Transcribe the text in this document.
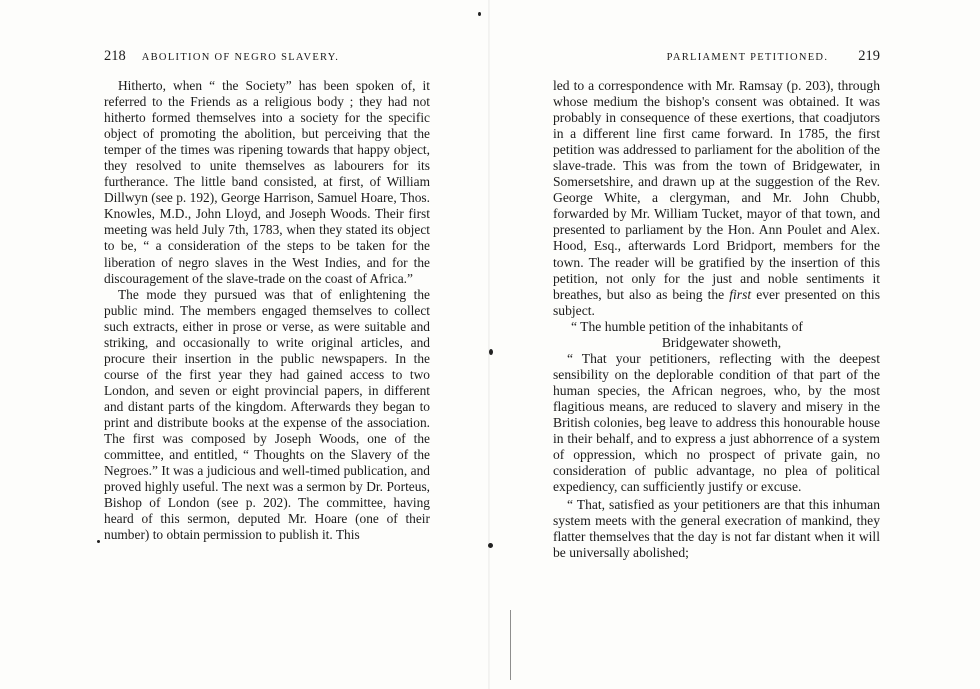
218 ABOLITION OF NEGRO SLAVERY.

Hitherto, when “ the Society” has been spoken of, it referred to the Friends as a religious body ; they had not hitherto formed themselves into a society for the specific object of promoting the abolition, but perceiving that the temper of the times was ripening towards that happy object, they resolved to unite themselves as labourers for its furtherance. The little band consisted, at first, of William Dillwyn (see p. 192), George Harrison, Samuel Hoare, Thos. Knowles, M.D., John Lloyd, and Joseph Woods. Their first meeting was held July 7th, 1783, when they stated its object to be, “ a consideration of the steps to be taken for the liberation of negro slaves in the West Indies, and for the discouragement of the slave-trade on the coast of Africa.”

The mode they pursued was that of enlightening the public mind. The members engaged themselves to collect such extracts, either in prose or verse, as were suitable and striking, and occasionally to write original articles, and procure their insertion in the public newspapers. In the course of the first year they had gained access to two London, and seven or eight provincial papers, in different and distant parts of the kingdom. Afterwards they began to print and distribute books at the expense of the association. The first was composed by Joseph Woods, one of the committee, and entitled, “ Thoughts on the Slavery of the Negroes.” It was a judicious and well-timed publication, and proved highly useful. The next was a sermon by Dr. Porteus, Bishop of London (see p. 202). The committee, having heard of this sermon, deputed Mr. Hoare (one of their number) to obtain permission to publish it. This

PARLIAMENT PETITIONED. 219

led to a correspondence with Mr. Ramsay (p. 203), through whose medium the bishop's consent was obtained. It was probably in consequence of these exertions, that coadjutors in a different line first came forward. In 1785, the first petition was addressed to parliament for the abolition of the slave-trade. This was from the town of Bridgewater, in Somersetshire, and drawn up at the suggestion of the Rev. George White, a clergyman, and Mr. John Chubb, forwarded by Mr. William Tucket, mayor of that town, and presented to parliament by the Hon. Ann Poulet and Alex. Hood, Esq., afterwards Lord Bridport, members for the town. The reader will be gratified by the insertion of this petition, not only for the just and noble sentiments it breathes, but also as being the first ever presented on this subject.

“ The humble petition of the inhabitants of

Bridgewater showeth,

“ That your petitioners, reflecting with the deepest sensibility on the deplorable condition of that part of the human species, the African negroes, who, by the most flagitious means, are reduced to slavery and misery in the British colonies, beg leave to address this honourable house in their behalf, and to express a just abhorrence of a system of oppression, which no prospect of private gain, no consideration of public advantage, no plea of political expediency, can sufficiently justify or excuse.

“ That, satisfied as your petitioners are that this inhuman system meets with the general execration of mankind, they flatter themselves that the day is not far distant when it will be universally abolished;
